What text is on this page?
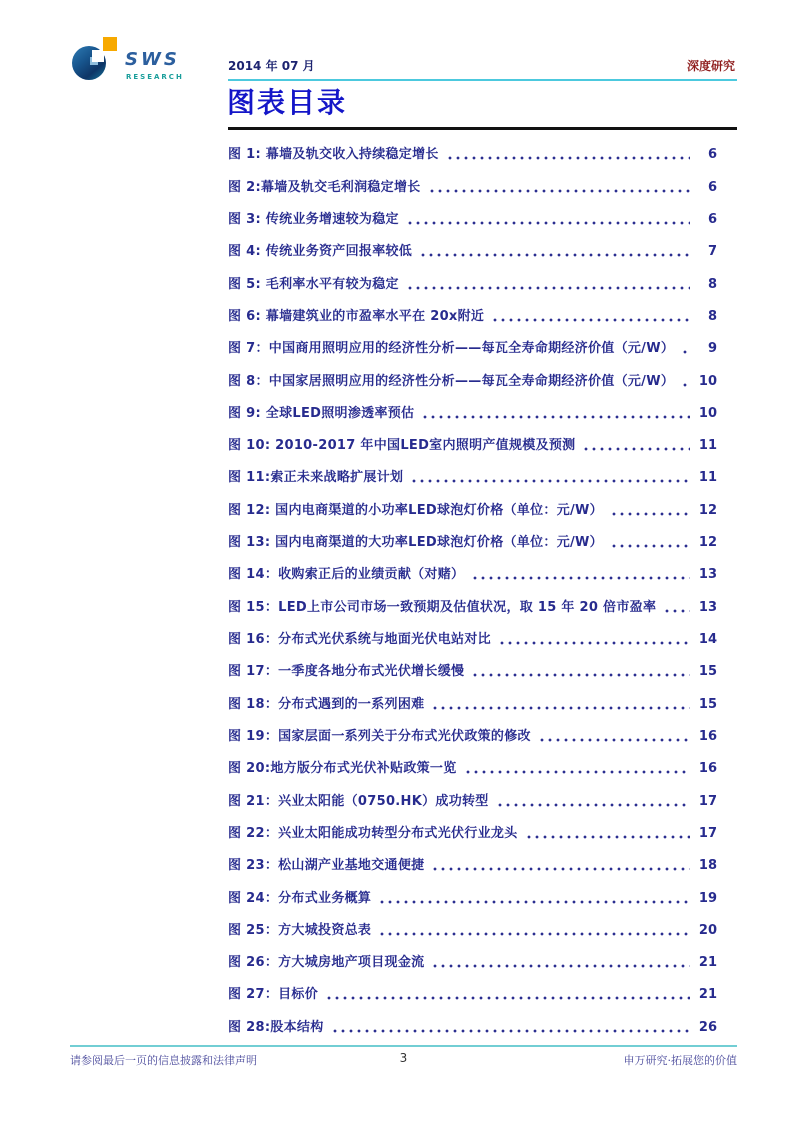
SWS
RESEARCH
2014 年 07 月	深度研究
图表目录
图 1: 幕墙及轨交收入持续稳定增长	6
图 2:幕墙及轨交毛利润稳定增长	6
图 3: 传统业务增速较为稳定	6
图 4: 传统业务资产回报率较低	7
图 5: 毛利率水平有较为稳定	8
图 6: 幕墙建筑业的市盈率水平在 20x附近	8
图 7：中国商用照明应用的经济性分析——每瓦全寿命期经济价值（元/W）	9
图 8：中国家居照明应用的经济性分析——每瓦全寿命期经济价值（元/W）	10
图 9: 全球LED照明渗透率预估	10
图 10: 2010-2017 年中国LED室内照明产值规模及预测	11
图 11:索正未来战略扩展计划	11
图 12: 国内电商渠道的小功率LED球泡灯价格（单位：元/W）	12
图 13: 国内电商渠道的大功率LED球泡灯价格（单位：元/W）	12
图 14：收购索正后的业绩贡献（对赌）	13
图 15：LED上市公司市场一致预期及估值状况，取 15 年 20 倍市盈率	13
图 16：分布式光伏系统与地面光伏电站对比	14
图 17：一季度各地分布式光伏增长缓慢	15
图 18：分布式遇到的一系列困难	15
图 19：国家层面一系列关于分布式光伏政策的修改	16
图 20:地方版分布式光伏补贴政策一览	16
图 21：兴业太阳能（0750.HK）成功转型	17
图 22：兴业太阳能成功转型分布式光伏行业龙头	17
图 23：松山湖产业基地交通便捷	18
图 24：分布式业务概算	19
图 25：方大城投资总表	20
图 26：方大城房地产项目现金流	21
图 27：目标价	21
图 28:股本结构	26
请参阅最后一页的信息披露和法律声明	3	申万研究·拓展您的价值
